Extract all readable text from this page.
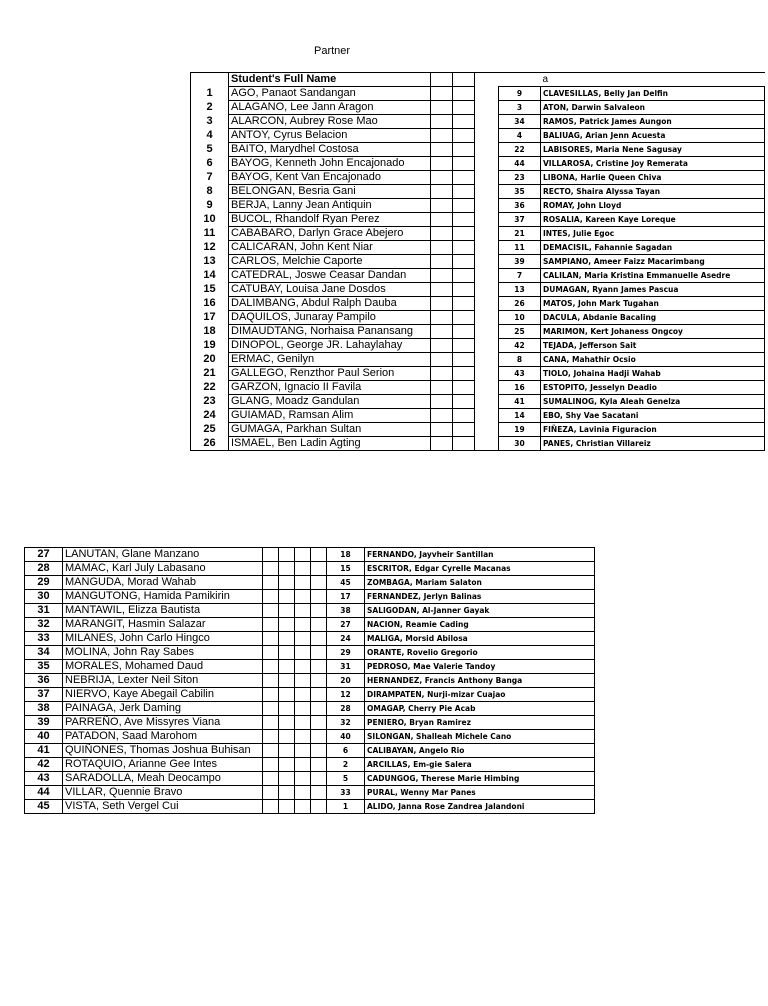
Partner
	Student's Full Name					a
1	AGO, Panaot Sandangan				9	CLAVESILLAS, Belly Jan Delfin
2	ALAGANO, Lee Jann Aragon				3	ATON, Darwin Salvaleon
3	ALARCON, Aubrey Rose Mao				34	RAMOS, Patrick James Aungon
4	ANTOY, Cyrus Belacion				4	BALIUAG, Arian Jenn Acuesta
5	BAITO, Marydhel Costosa				22	LABISORES, Maria Nene Sagusay
6	BAYOG, Kenneth John Encajonado				44	VILLAROSA, Cristine Joy Remerata
7	BAYOG, Kent Van Encajonado				23	LIBONA, Harlie Queen Chiva
8	BELONGAN, Besria Gani				35	RECTO, Shaira Alyssa Tayan
9	BERJA, Lanny Jean Antiquin				36	ROMAY, John Lloyd
10	BUCOL, Rhandolf Ryan Perez				37	ROSALIA, Kareen Kaye Loreque
11	CABABARO, Darlyn Grace Abejero				21	INTES, Julie Egoc
12	CALICARAN, John Kent Niar				11	DEMACISIL, Fahannie Sagadan
13	CARLOS, Melchie Caporte				39	SAMPIANO, Ameer Faizz Macarimbang
14	CATEDRAL, Joswe Ceasar Dandan				7	CALILAN, Maria Kristina Emmanuelle Asedre
15	CATUBAY, Louisa Jane Dosdos				13	DUMAGAN, Ryann James Pascua
16	DALIMBANG, Abdul Ralph Dauba				26	MATOS, John Mark Tugahan
17	DAQUILOS, Junaray Pampilo				10	DACULA, Abdanie Bacaling
18	DIMAUDTANG, Norhaisa Panansang				25	MARIMON, Kert Johaness Ongcoy
19	DINOPOL, George JR. Lahaylahay				42	TEJADA, Jefferson Sait
20	ERMAC, Genilyn				8	CANA, Mahathir Ocsio
21	GALLEGO, Renzthor Paul Serion				43	TIOLO, Johaina Hadji Wahab
22	GARZON, Ignacio II Favila				16	ESTOPITO, Jesselyn Deadio
23	GLANG, Moadz Gandulan				41	SUMALINOG, Kyla Aleah Genelza
24	GUIAMAD, Ramsan Alim				14	EBO, Shy Vae Sacatani
25	GUMAGA, Parkhan Sultan				19	FIÑEZA, Lavinia Figuracion
26	ISMAEL, Ben Ladin Agting				30	PANES, Christian Villareiz
27	LANUTAN, Glane Manzano					18	FERNANDO, Jayvheir Santillan
28	MAMAC, Karl July Labasano					15	ESCRITOR, Edgar Cyrelle Macanas
29	MANGUDA, Morad Wahab					45	ZOMBAGA, Mariam Salaton
30	MANGUTONG, Hamida Pamikirin					17	FERNANDEZ, Jerlyn Balinas
31	MANTAWIL, Elizza Bautista					38	SALIGODAN, Al-Janner Gayak
32	MARANGIT, Hasmin Salazar					27	NACION, Reamie Cading
33	MILANES, John Carlo Hingco					24	MALIGA, Morsid Abilosa
34	MOLINA, John Ray Sabes					29	ORANTE, Rovelio Gregorio
35	MORALES, Mohamed Daud					31	PEDROSO, Mae Valerie Tandoy
36	NEBRIJA, Lexter Neil Siton					20	HERNANDEZ, Francis Anthony Banga
37	NIERVO, Kaye Abegail Cabilin					12	DIRAMPATEN, Nurji-mizar Cuajao
38	PAINAGA, Jerk Daming					28	OMAGAP, Cherry Pie Acab
39	PARREÑO, Ave Missyres Viana					32	PENIERO, Bryan Ramirez
40	PATADON, Saad Marohom					40	SILONGAN, Shalleah Michele Cano
41	QUIÑONES, Thomas Joshua Buhisan					6	CALIBAYAN, Angelo Rio
42	ROTAQUIO, Arianne Gee Intes					2	ARCILLAS, Em-gie Salera
43	SARADOLLA, Meah Deocampo					5	CADUNGOG, Therese Marie Himbing
44	VILLAR, Quennie Bravo					33	PURAL, Wenny Mar Panes
45	VISTA, Seth Vergel Cui					1	ALIDO, Janna Rose Zandrea Jalandoni
